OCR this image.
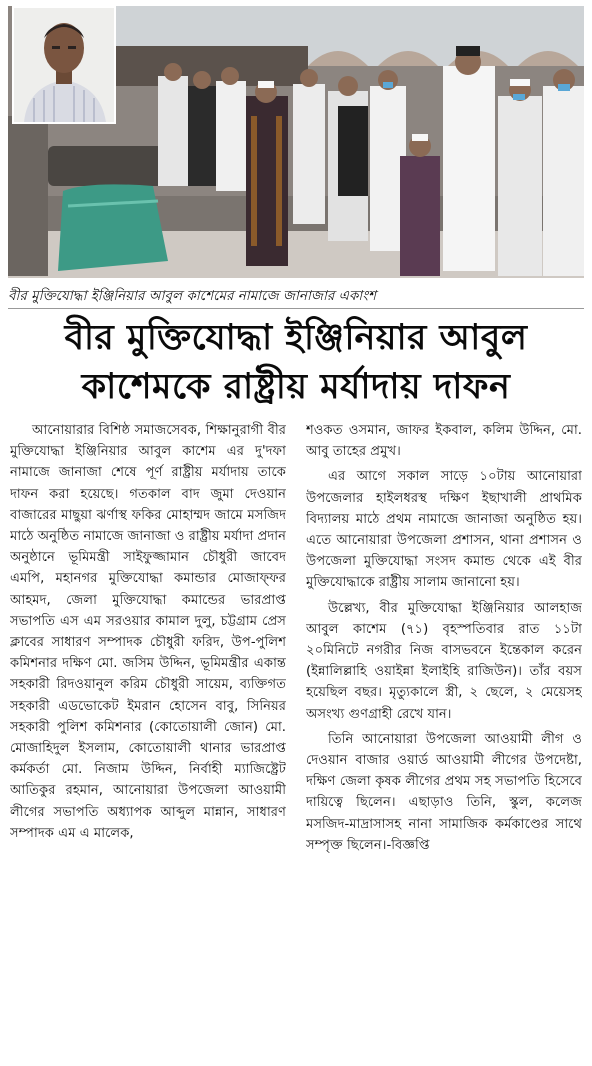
বীর মুক্তিযোদ্ধা ইঞ্জিনিয়ার আবুল কাশেমের নামাজে জানাজার একাংশ
বীর মুক্তিযোদ্ধা ইঞ্জিনিয়ার আবুল
কাশেমকে রাষ্ট্রীয় মর্যাদায় দাফন

আনোয়ারার বিশিষ্ঠ সমাজসেবক, শিক্ষানুরাগী বীর মুক্তিযোদ্ধা ইঞ্জিনিয়ার আবুল কাশেম এর দু'দফা নামাজে জানাজা শেষে পূর্ণ রাষ্ট্রীয় মর্যাদায় তাকে দাফন করা হয়েছে। গতকাল বাদ জুমা দেওয়ান বাজারের মাছুয়া ঝর্ণাস্থ ফকির মোহাম্মদ জামে মসজিদ মাঠে অনুষ্ঠিত নামাজে জানাজা ও রাষ্ট্রীয় মর্যাদা প্রদান অনুষ্ঠানে ভূমিমন্ত্রী সাইফুজ্জামান চৌধুরী জাবেদ এমপি, মহানগর মুক্তিযোদ্ধা কমান্ডার মোজাফ্ফর আহমদ, জেলা মুক্তিযোদ্ধা কমান্ডের ভারপ্রাপ্ত সভাপতি এস এম সরওয়ার কামাল দুলু, চট্টগ্রাম প্রেস ক্লাবের সাধারণ সম্পাদক চৌধুরী ফরিদ, উপ-পুলিশ কমিশনার দক্ষিণ মো. জসিম উদ্দিন, ভূমিমন্ত্রীর একান্ত সহকারী রিদওয়ানুল করিম চৌধুরী সায়েম, ব্যক্তিগত সহকারী এডভোকেট ইমরান হোসেন বাবু, সিনিয়র সহকারী পুলিশ কমিশনার (কোতোয়ালী জোন) মো. মোজাহিদুল ইসলাম, কোতোয়ালী থানার ভারপ্রাপ্ত কর্মকর্তা মো. নিজাম উদ্দিন, নির্বাহী ম্যাজিষ্ট্রেট আতিকুর রহমান, আনোয়ারা উপজেলা আওয়ামী লীগের সভাপতি অধ্যাপক আব্দুল মান্নান, সাধারণ সম্পাদক এম এ মালেক,

শওকত ওসমান, জাফর ইকবাল, কলিম উদ্দিন, মো. আবু তাহের প্রমুখ।

এর আগে সকাল সাড়ে ১০টায় আনোয়ারা উপজেলার হাইলধরস্থ দক্ষিণ ইছাখালী প্রাথমিক বিদ্যালয় মাঠে প্রথম নামাজে জানাজা অনুষ্ঠিত হয়। এতে আনোয়ারা উপজেলা প্রশাসন, থানা প্রশাসন ও উপজেলা মুক্তিযোদ্ধা সংসদ কমান্ড থেকে এই বীর মুক্তিযোদ্ধাকে রাষ্ট্রীয় সালাম জানানো হয়।

উল্লেখ্য, বীর মুক্তিযোদ্ধা ইঞ্জিনিয়ার আলহাজ আবুল কাশেম (৭১) বৃহস্পতিবার রাত ১১টা ২০মিনিটে নগরীর নিজ বাসভবনে ইন্তেকাল করেন (ইন্নালিল্লাহি ওয়াইন্না ইলাইহি রাজিউন)। তাঁর বয়স হয়েছিল বছর। মৃত্যুকালে স্ত্রী, ২ ছেলে, ২ মেয়েসহ অসংখ্য গুণগ্রাহী রেখে যান।

তিনি আনোয়ারা উপজেলা আওয়ামী লীগ ও দেওয়ান বাজার ওয়ার্ড আওয়ামী লীগের উপদেষ্টা, দক্ষিণ জেলা কৃষক লীগের প্রথম সহ সভাপতি হিসেবে দায়িত্বে ছিলেন। এছাড়াও তিনি, স্কুল, কলেজ মসজিদ-মাদ্রাসাসহ নানা সামাজিক কর্মকাণ্ডের সাথে সম্পৃক্ত ছিলেন।-বিজ্ঞপ্তি
